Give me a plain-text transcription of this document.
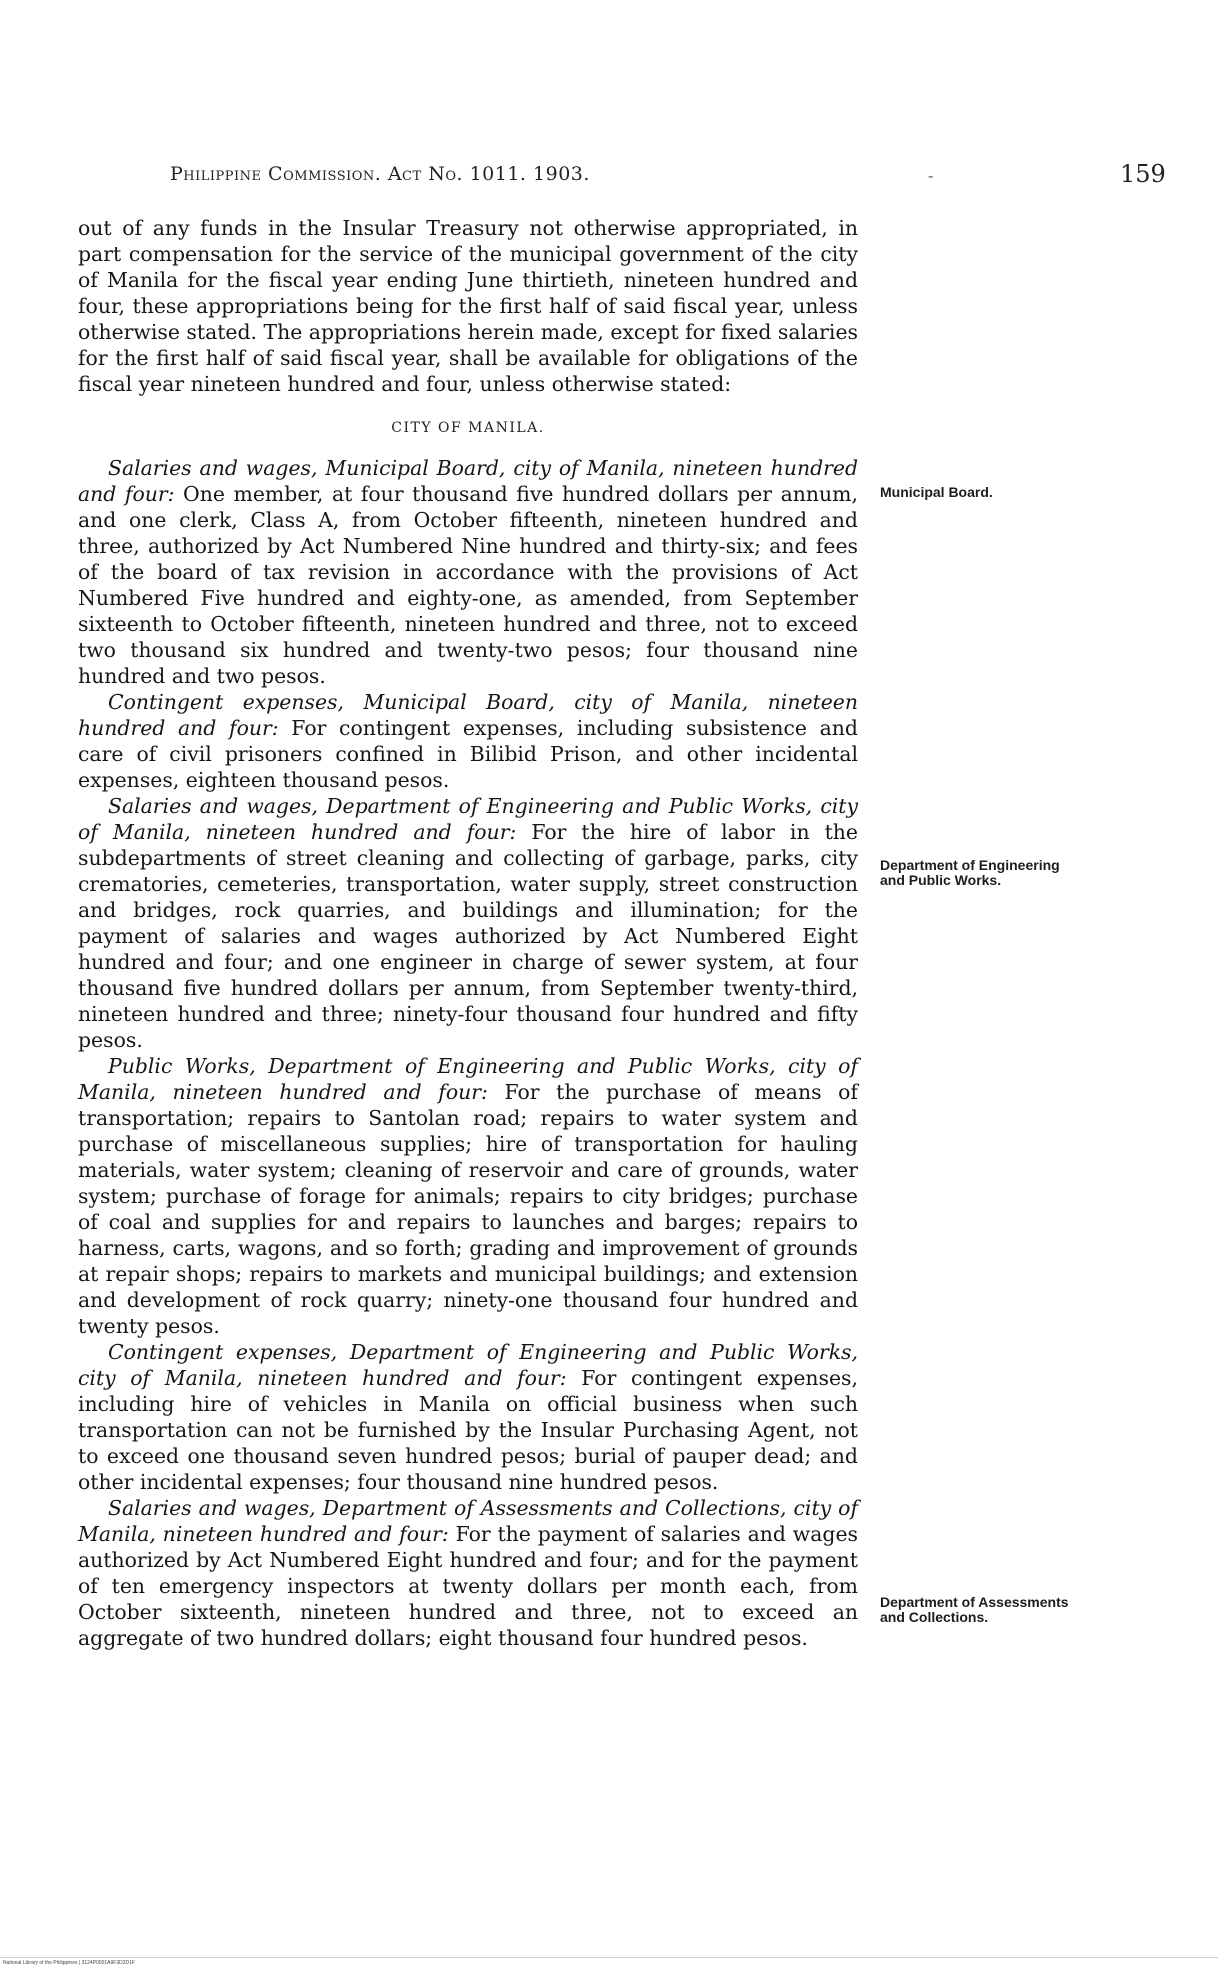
Philippine Commission. Act No. 1011. 1903.	-	159

out of any funds in the Insular Treasury not otherwise appropriated, in part compensation for the service of the municipal government of the city of Manila for the fiscal year ending June thirtieth, nineteen hundred and four, these appropriations being for the first half of said fiscal year, unless otherwise stated. The appropriations herein made, except for fixed salaries for the first half of said fiscal year, shall be available for obligations of the fiscal year nineteen hundred and four, unless otherwise stated:

CITY OF MANILA.

Salaries and wages, Municipal Board, city of Manila, nineteen hundred and four: One member, at four thousand five hundred dollars per annum, and one clerk, Class A, from October fifteenth, nineteen hundred and three, authorized by Act Numbered Nine hundred and thirty-six; and fees of the board of tax revision in accordance with the provisions of Act Numbered Five hundred and eighty-one, as amended, from September sixteenth to October fifteenth, nineteen hundred and three, not to exceed two thousand six hundred and twenty-two pesos; four thousand nine hundred and two pesos.

Contingent expenses, Municipal Board, city of Manila, nineteen hundred and four: For contingent expenses, including subsistence and care of civil prisoners confined in Bilibid Prison, and other incidental expenses, eighteen thousand pesos.

Salaries and wages, Department of Engineering and Public Works, city of Manila, nineteen hundred and four: For the hire of labor in the subdepartments of street cleaning and collecting of garbage, parks, city crematories, cemeteries, transportation, water supply, street construction and bridges, rock quarries, and buildings and illumination; for the payment of salaries and wages authorized by Act Numbered Eight hundred and four; and one engineer in charge of sewer system, at four thousand five hundred dollars per annum, from September twenty-third, nineteen hundred and three; ninety-four thousand four hundred and fifty pesos.

Public Works, Department of Engineering and Public Works, city of Manila, nineteen hundred and four: For the purchase of means of transportation; repairs to Santolan road; repairs to water system and purchase of miscellaneous supplies; hire of transportation for hauling materials, water system; cleaning of reservoir and care of grounds, water system; purchase of forage for animals; repairs to city bridges; purchase of coal and supplies for and repairs to launches and barges; repairs to harness, carts, wagons, and so forth; grading and improvement of grounds at repair shops; repairs to markets and municipal buildings; and extension and development of rock quarry; ninety-one thousand four hundred and twenty pesos.

Contingent expenses, Department of Engineering and Public Works, city of Manila, nineteen hundred and four: For contingent expenses, including hire of vehicles in Manila on official business when such transportation can not be furnished by the Insular Purchasing Agent, not to exceed one thousand seven hundred pesos; burial of pauper dead; and other incidental expenses; four thousand nine hundred pesos.

Salaries and wages, Department of Assessments and Collections, city of Manila, nineteen hundred and four: For the payment of salaries and wages authorized by Act Numbered Eight hundred and four; and for the payment of ten emergency inspectors at twenty dollars per month each, from October sixteenth, nineteen hundred and three, not to exceed an aggregate of two hundred dollars; eight thousand four hundred pesos.

Municipal Board.
Department of Engineering and Public Works.
Department of Assessments and Collections.
National Library of the Philippines | 3124P0001A9F3D2D1F
